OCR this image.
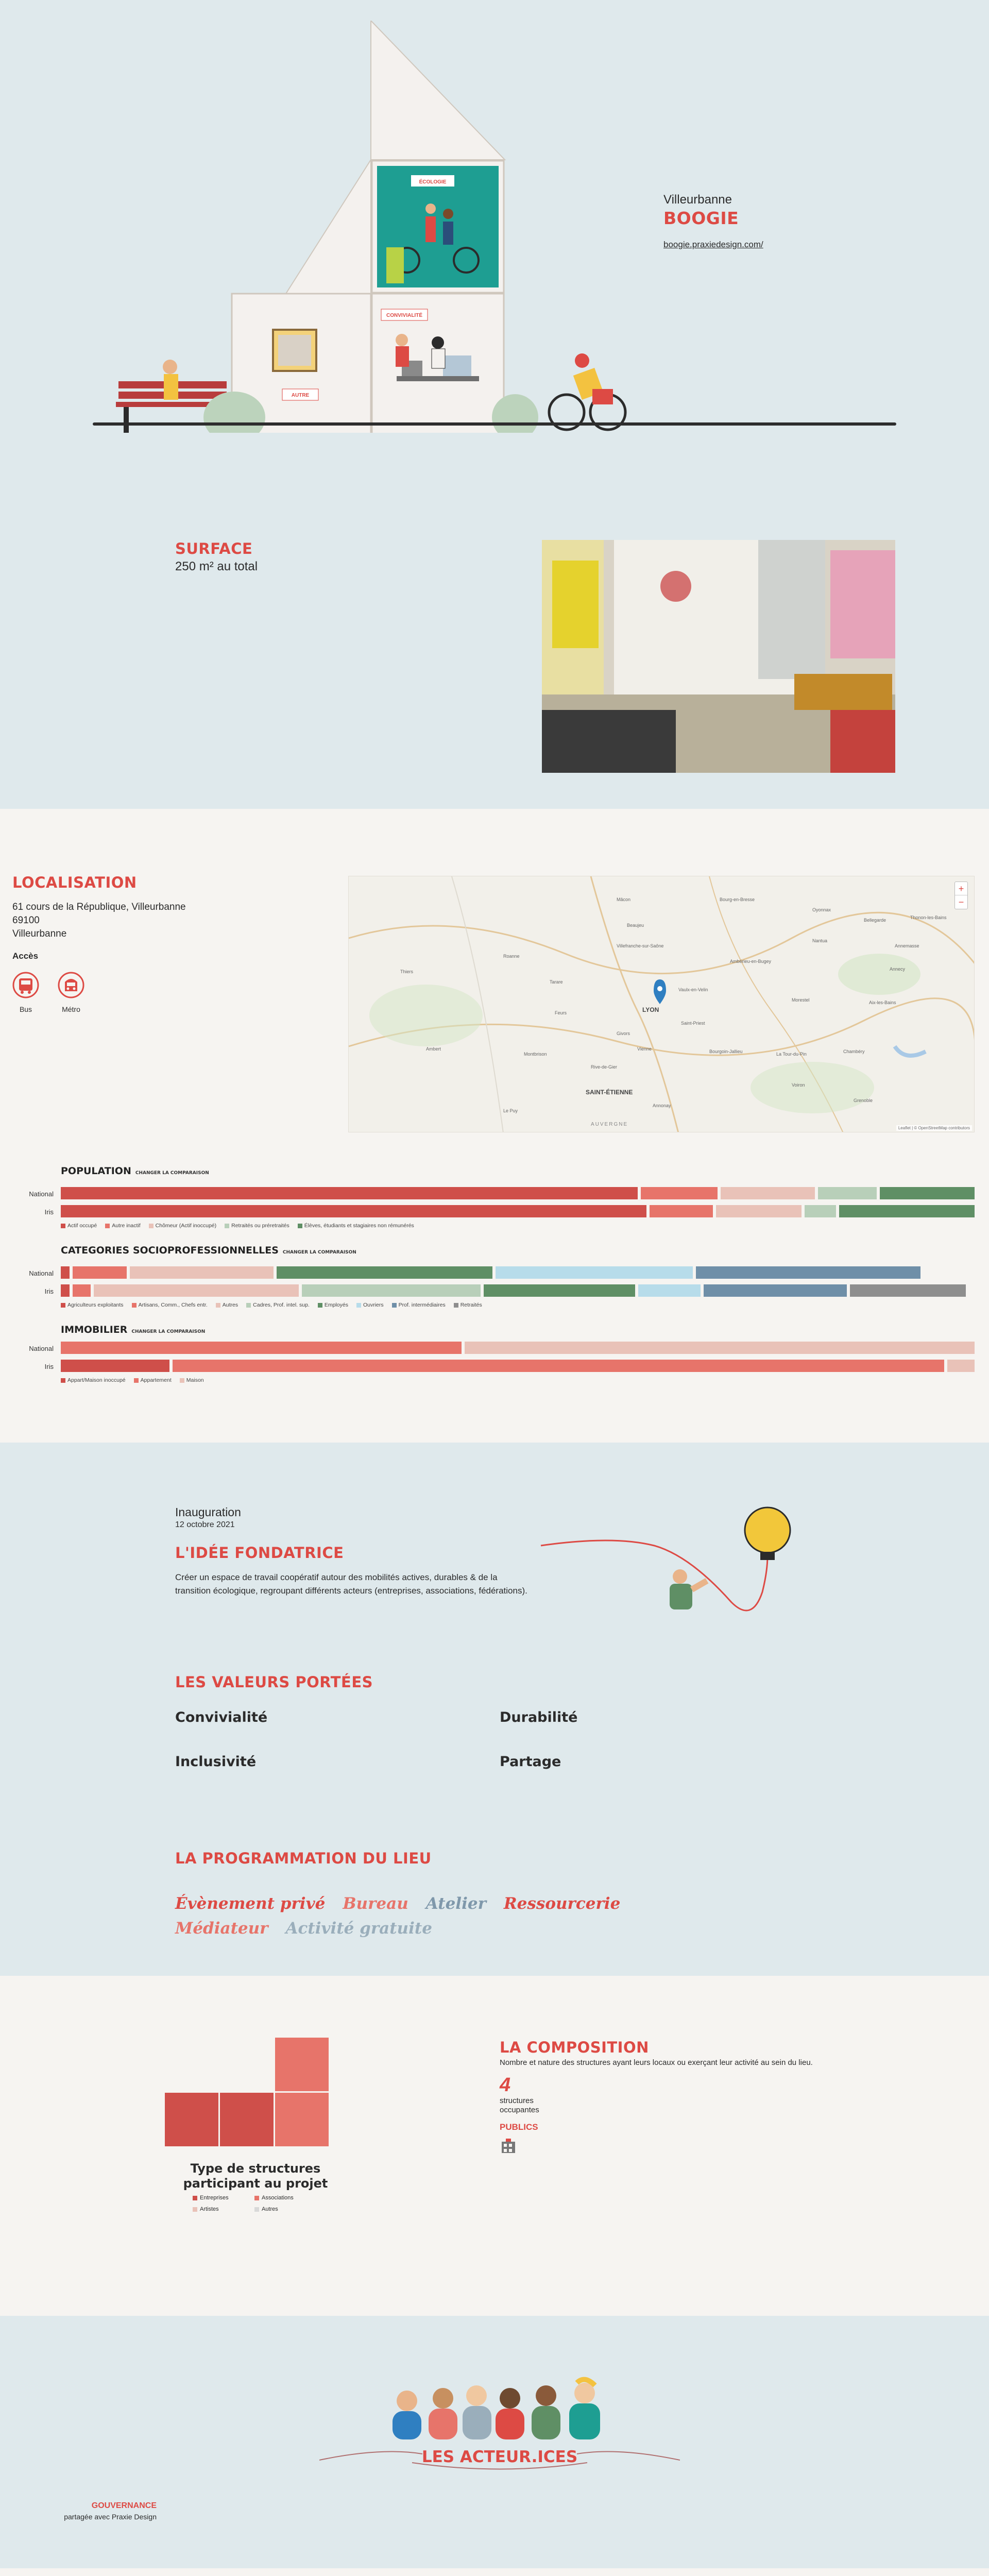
ÉCOLOGIE
AUTRE
CONVIVIALITÉ
Villeurbanne
BOOGIE
boogie.praxiedesign.com/
SURFACE
250 m² au total
LOCALISATION
61 cours de la République, Villeurbanne
69100
Villeurbanne
Accès
Bus	Métro	LYON
SAINT-ÉTIENNE
Villefranche-sur-Saône
Bourg-en-Bresse
Mâcon
Vienne
Annecy
Chambéry
Grenoble
Roanne
Montbrison
Ambérieu-en-Bugey
Bourgoin-Jallieu
Saint-Priest
Rive-de-Gier
La Tour-du-Pin
Voiron
Thonon-les-Bains
Annemasse
Tarare
Oyonnax
Nantua
Annonay
Vaulx-en-Velin
Givors
Beaujeu
Thiers
Ambert
Feurs
Morestel
Bellegarde
Aix-les-Bains
Le Puy
AUVERGNE
+
−
Leaflet | © OpenStreetMap contributors
POPULATION CHANGER LA COMPARAISON
National
Iris
Actif occupé	Autre inactif	Chômeur (Actif inoccupé)	Retraités ou préretraités	Élèves, étudiants et stagiaires non rémunérés
CATEGORIES SOCIOPROFESSIONNELLES CHANGER LA COMPARAISON
National
Iris
Agriculteurs exploitants	Artisans, Comm., Chefs entr.	Autres	Cadres, Prof. intel. sup.	Employés	Ouvriers	Prof. intermédiaires	Retraités
IMMOBILIER CHANGER LA COMPARAISON
National
Iris
Appart/Maison inoccupé	Appartement	Maison
Inauguration
12 octobre 2021
L'IDÉE FONDATRICE
Créer un espace de travail coopératif autour des mobilités actives, durables & de la transition écologique, regroupant différents acteurs (entreprises, associations, fédérations).
LES VALEURS PORTÉES
Convivialité	Durabilité
Inclusivité	Partage
LA PROGRAMMATION DU LIEU
Évènement privé Bureau Atelier RessourcerieMédiateur Activité gratuite
Type de structures participant au projet
Entreprises	Associations
Artistes	Autres
LA COMPOSITION
Nombre et nature des structures ayant leurs locaux ou exerçant leur activité au sein du lieu.
4
structures occupantes
PUBLICS
LES ACTEUR.ICES
GOUVERNANCE
partagée avec Praxie Design
